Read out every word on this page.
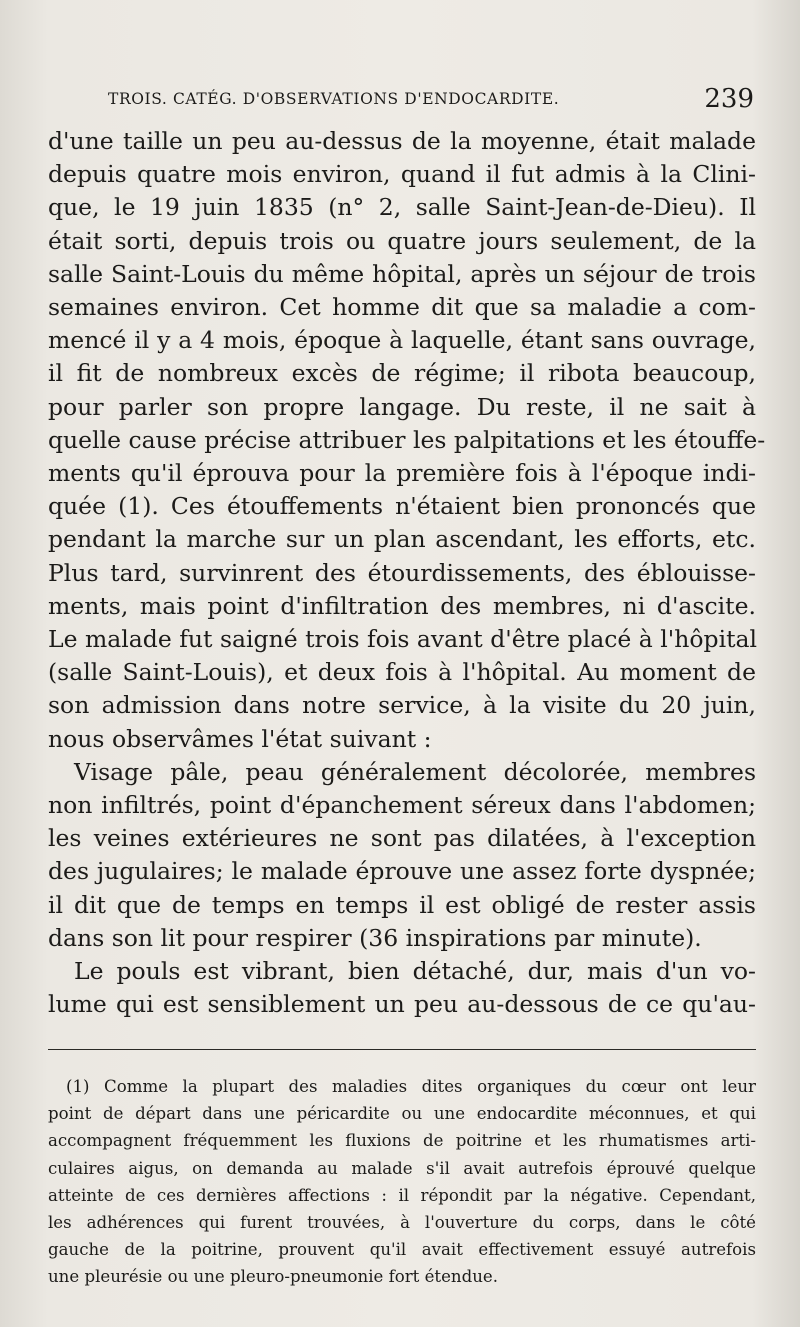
TROIS. CATÉG. D'OBSERVATIONS D'ENDOCARDITE.	239
d'une taille un peu au-dessus de la moyenne, était malade
depuis quatre mois environ, quand il fut admis à la Clini-
que, le 19 juin 1835 (n° 2, salle Saint-Jean-de-Dieu). Il
était sorti, depuis trois ou quatre jours seulement, de la
salle Saint-Louis du même hôpital, après un séjour de trois
semaines environ. Cet homme dit que sa maladie a com-
mencé il y a 4 mois, époque à laquelle, étant sans ouvrage,
il fit de nombreux excès de régime; il ribota beaucoup,
pour parler son propre langage. Du reste, il ne sait à
quelle cause précise attribuer les palpitations et les étouffe-
ments qu'il éprouva pour la première fois à l'époque indi-
quée (1). Ces étouffements n'étaient bien prononcés que
pendant la marche sur un plan ascendant, les efforts, etc.
Plus tard, survinrent des étourdissements, des éblouisse-
ments, mais point d'infiltration des membres, ni d'ascite.
Le malade fut saigné trois fois avant d'être placé à l'hôpital
(salle Saint-Louis), et deux fois à l'hôpital. Au moment de
son admission dans notre service, à la visite du 20 juin,
nous observâmes l'état suivant :
Visage pâle, peau généralement décolorée, membres
non infiltrés, point d'épanchement séreux dans l'abdomen;
les veines extérieures ne sont pas dilatées, à l'exception
des jugulaires; le malade éprouve une assez forte dyspnée;
il dit que de temps en temps il est obligé de rester assis
dans son lit pour respirer (36 inspirations par minute).
Le pouls est vibrant, bien détaché, dur, mais d'un vo-
lume qui est sensiblement un peu au-dessous de ce qu'au-
(1) Comme la plupart des maladies dites organiques du cœur ont leur
point de départ dans une péricardite ou une endocardite méconnues, et qui
accompagnent fréquemment les fluxions de poitrine et les rhumatismes arti-
culaires aigus, on demanda au malade s'il avait autrefois éprouvé quelque
atteinte de ces dernières affections : il répondit par la négative. Cependant,
les adhérences qui furent trouvées, à l'ouverture du corps, dans le côté
gauche de la poitrine, prouvent qu'il avait effectivement essuyé autrefois
une pleurésie ou une pleuro-pneumonie fort étendue.
